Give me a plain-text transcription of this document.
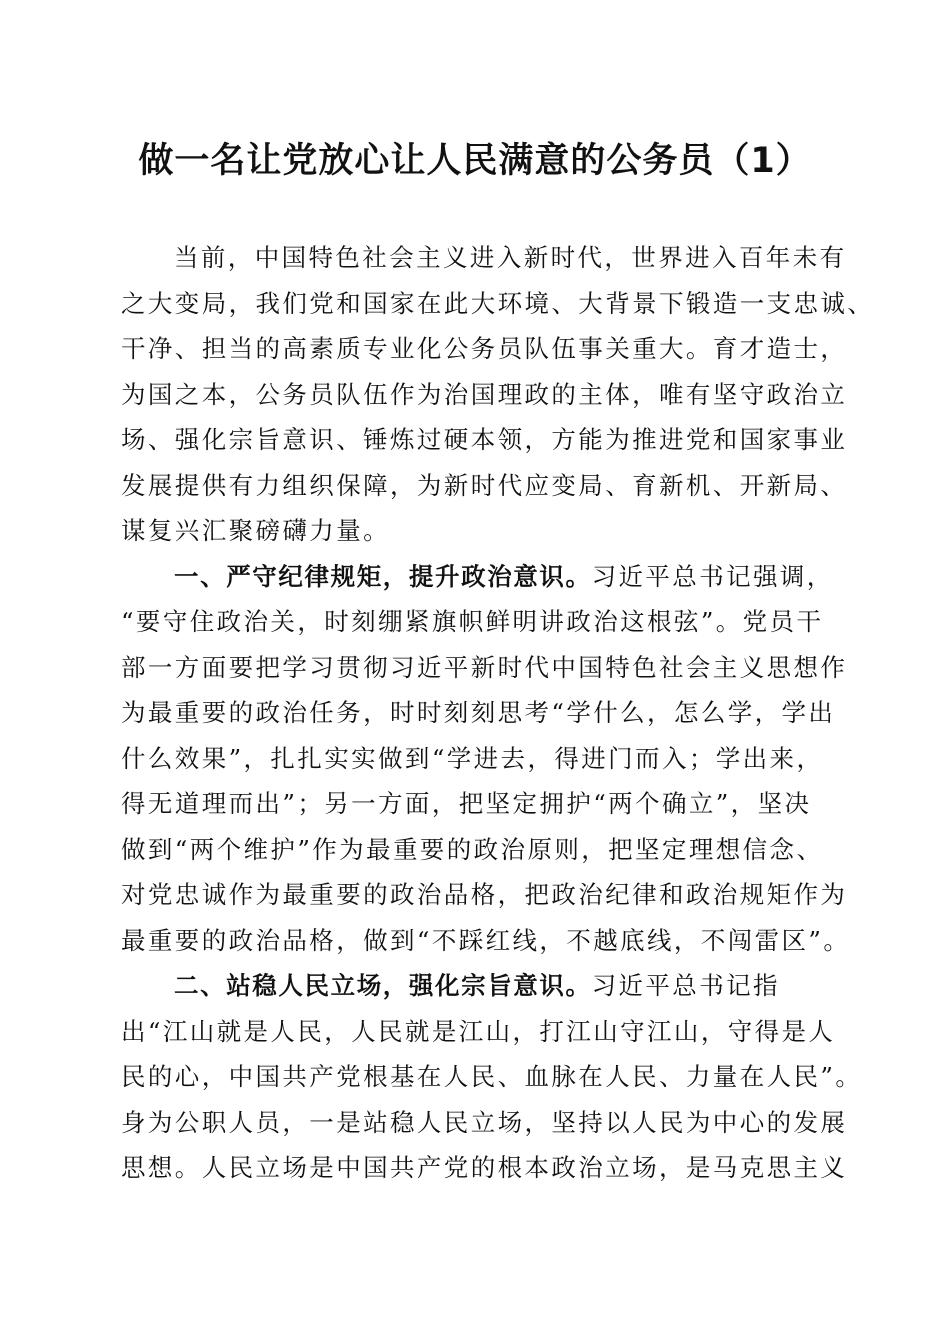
做一名让党放心让人民满意的公务员（1）
当前，中国特色社会主义进入新时代，世界进入百年未有
之大变局，我们党和国家在此大环境、大背景下锻造一支忠诚、
干净、担当的高素质专业化公务员队伍事关重大。育才造士，
为国之本，公务员队伍作为治国理政的主体，唯有坚守政治立
场、强化宗旨意识、锤炼过硬本领，方能为推进党和国家事业
发展提供有力组织保障，为新时代应变局、育新机、开新局、
谋复兴汇聚磅礴力量。
一、严守纪律规矩，提升政治意识。习近平总书记强调，
“要守住政治关，时刻绷紧旗帜鲜明讲政治这根弦”。党员干
部一方面要把学习贯彻习近平新时代中国特色社会主义思想作
为最重要的政治任务，时时刻刻思考“学什么，怎么学，学出
什么效果”，扎扎实实做到“学进去，得进门而入；学出来，
得无道理而出”；另一方面，把坚定拥护“两个确立”，坚决
做到“两个维护”作为最重要的政治原则，把坚定理想信念、
对党忠诚作为最重要的政治品格，把政治纪律和政治规矩作为
最重要的政治品格，做到“不踩红线，不越底线，不闯雷区”。
二、站稳人民立场，强化宗旨意识。习近平总书记指
出“江山就是人民，人民就是江山，打江山守江山，守得是人
民的心，中国共产党根基在人民、血脉在人民、力量在人民”。
身为公职人员，一是站稳人民立场，坚持以人民为中心的发展
思想。人民立场是中国共产党的根本政治立场，是马克思主义
